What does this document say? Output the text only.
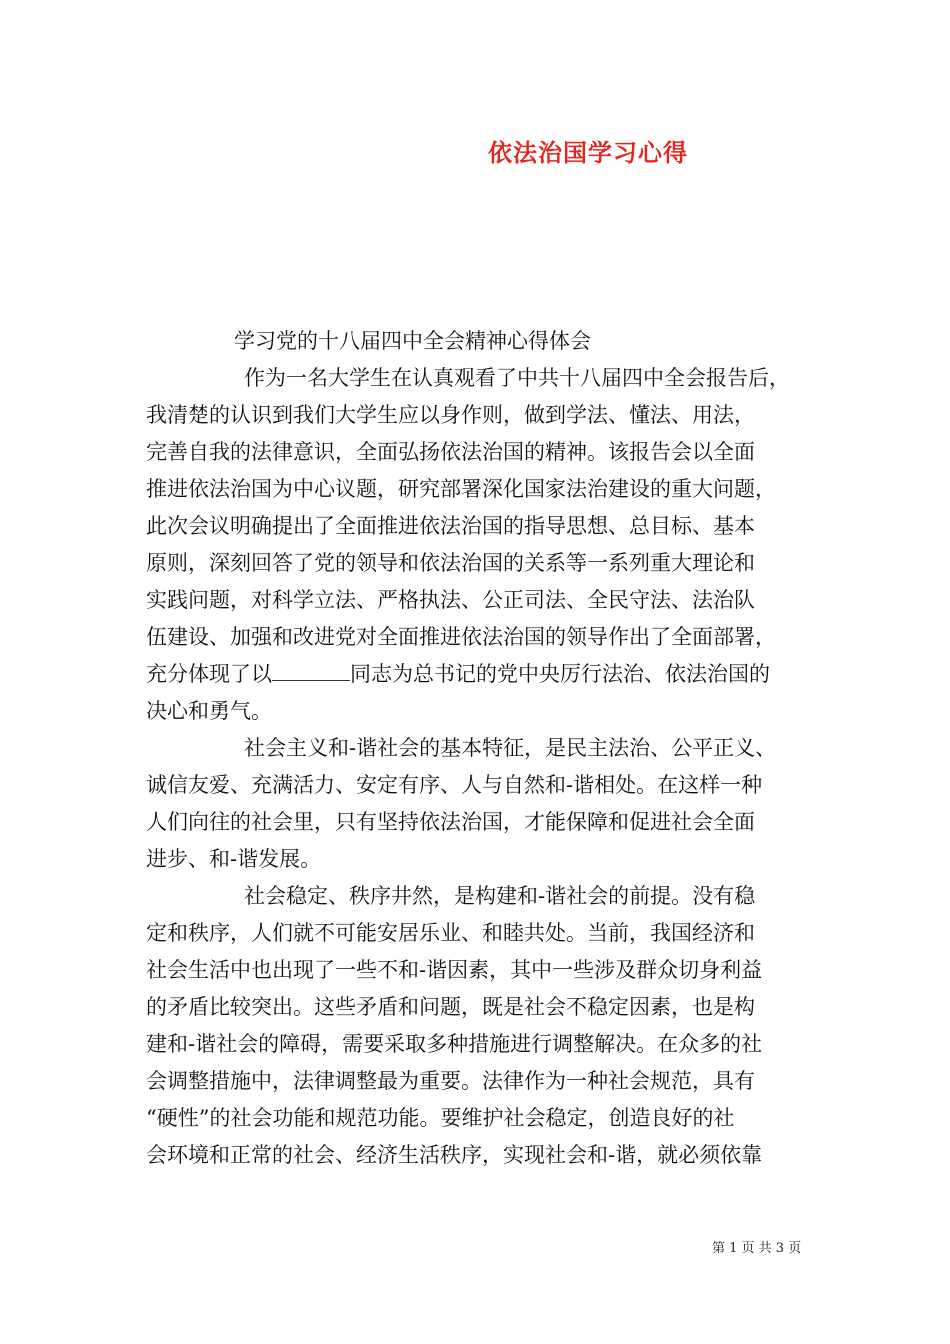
依法治国学习心得
学习党的十八届四中全会精神心得体会
作为一名大学生在认真观看了中共十八届四中全会报告后，
我清楚的认识到我们大学生应以身作则，做到学法、懂法、用法，
完善自我的法律意识，全面弘扬依法治国的精神。该报告会以全面
推进依法治国为中心议题，研究部署深化国家法治建设的重大问题，
此次会议明确提出了全面推进依法治国的指导思想、总目标、基本
原则，深刻回答了党的领导和依法治国的关系等一系列重大理论和
实践问题，对科学立法、严格执法、公正司法、全民守法、法治队
伍建设、加强和改进党对全面推进依法治国的领导作出了全面部署，
充分体现了以	同志为总书记的党中央厉行法治、依法治国的
决心和勇气。
社会主义和-谐社会的基本特征，是民主法治、公平正义、
诚信友爱、充满活力、安定有序、人与自然和-谐相处。在这样一种
人们向往的社会里，只有坚持依法治国，才能保障和促进社会全面
进步、和-谐发展。
社会稳定、秩序井然，是构建和-谐社会的前提。没有稳
定和秩序，人们就不可能安居乐业、和睦共处。当前，我国经济和
社会生活中也出现了一些不和-谐因素，其中一些涉及群众切身利益
的矛盾比较突出。这些矛盾和问题，既是社会不稳定因素，也是构
建和-谐社会的障碍，需要采取多种措施进行调整解决。在众多的社
会调整措施中，法律调整最为重要。法律作为一种社会规范，具有
“硬性”的社会功能和规范功能。要维护社会稳定，创造良好的社
会环境和正常的社会、经济生活秩序，实现社会和-谐，就必须依靠
第 1 页 共 3 页
